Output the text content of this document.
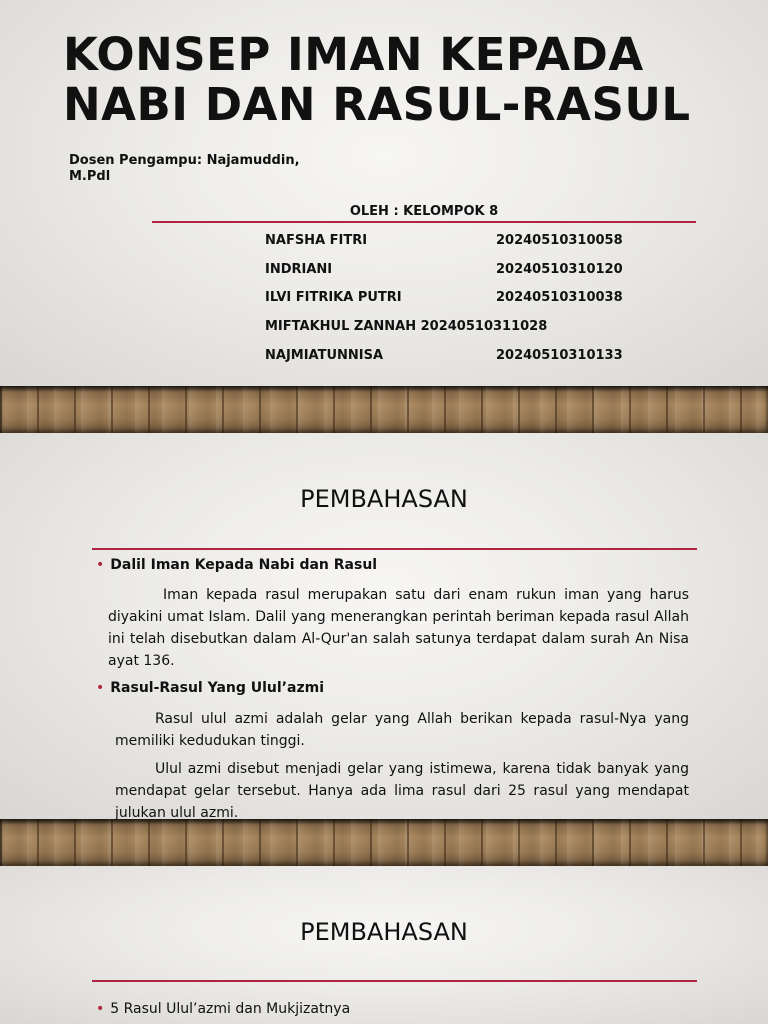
KONSEP IMAN KEPADA
NABI DAN RASUL-RASUL

Dosen Pengampu: Najamuddin, M.Pdl

OLEH : KELOMPOK 8
NAFSHA FITRI	20240510310058
INDRIANI	20240510310120
ILVI FITRIKA PUTRI	20240510310038
MIFTAKHUL ZANNAH 20240510311028
NAJMIATUNNISA	20240510310133
PEMBAHASAN
• Dalil Iman Kepada Nabi dan Rasul

Iman kepada rasul merupakan satu dari enam rukun iman yang harus diyakini umat Islam. Dalil yang menerangkan perintah beriman kepada rasul Allah ini telah disebutkan dalam Al-Qur'an salah satunya terdapat dalam surah An Nisa ayat 136.

• Rasul-Rasul Yang Ulul’azmi

Rasul ulul azmi adalah gelar yang Allah berikan kepada rasul-Nya yang memiliki kedudukan tinggi.

Ulul azmi disebut menjadi gelar yang istimewa, karena tidak banyak yang mendapat gelar tersebut. Hanya ada lima rasul dari 25 rasul yang mendapat julukan ulul azmi.

PEMBAHASAN
• 5 Rasul Ulul’azmi dan Mukjizatnya
